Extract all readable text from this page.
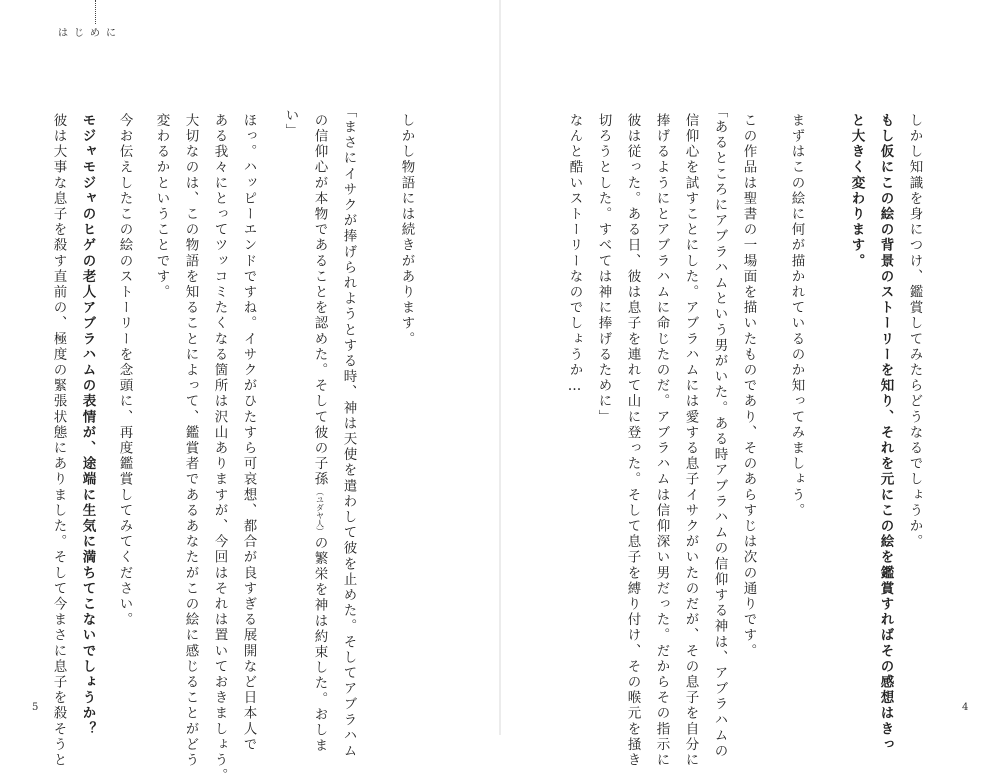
はじめに
しかし知識を身につけ、鑑賞してみたらどうなるでしょうか。
もし仮にこの絵の背景のストーリーを知り、それを元にこの絵を鑑賞すればその感想はきっ
と大きく変わります。
まずはこの絵に何が描かれているのか知ってみましょう。
この作品は聖書の一場面を描いたものであり、そのあらすじは次の通りです。
「あるところにアブラハムという男がいた。ある時アブラハムの信仰する神は、アブラハムの
信仰心を試すことにした。アブラハムには愛する息子イサクがいたのだが、その息子を自分に
捧げるようにとアブラハムに命じたのだ。アブラハムは信仰深い男だった。だからその指示に
彼は従った。ある日、彼は息子を連れて山に登った。そして息子を縛り付け、その喉元を掻き
切ろうとした。すべては神に捧げるために」
なんと酷いストーリーなのでしょうか…
4
しかし物語には続きがあります。
「まさにイサクが捧げられようとする時、神は天使を遣わして彼を止めた。そしてアブラハム
の信仰心が本物であることを認めた。そして彼の子孫（ユダヤ人）の繁栄を神は約束した。おしま
い」
ほっ。ハッピーエンドですね。イサクがひたすら可哀想、都合が良すぎる展開など日本人で
ある我々にとってツッコミたくなる箇所は沢山ありますが、今回はそれは置いておきましょう。
大切なのは、この物語を知ることによって、鑑賞者であるあなたがこの絵に感じることがどう
変わるかということです。
今お伝えしたこの絵のストーリーを念頭に、再度鑑賞してみてください。
モジャモジャのヒゲの老人アブラハムの表情が、途端に生気に満ちてこないでしょうか？
彼は大事な息子を殺す直前の、極度の緊張状態にありました。そして今まさに息子を殺そうと
5
